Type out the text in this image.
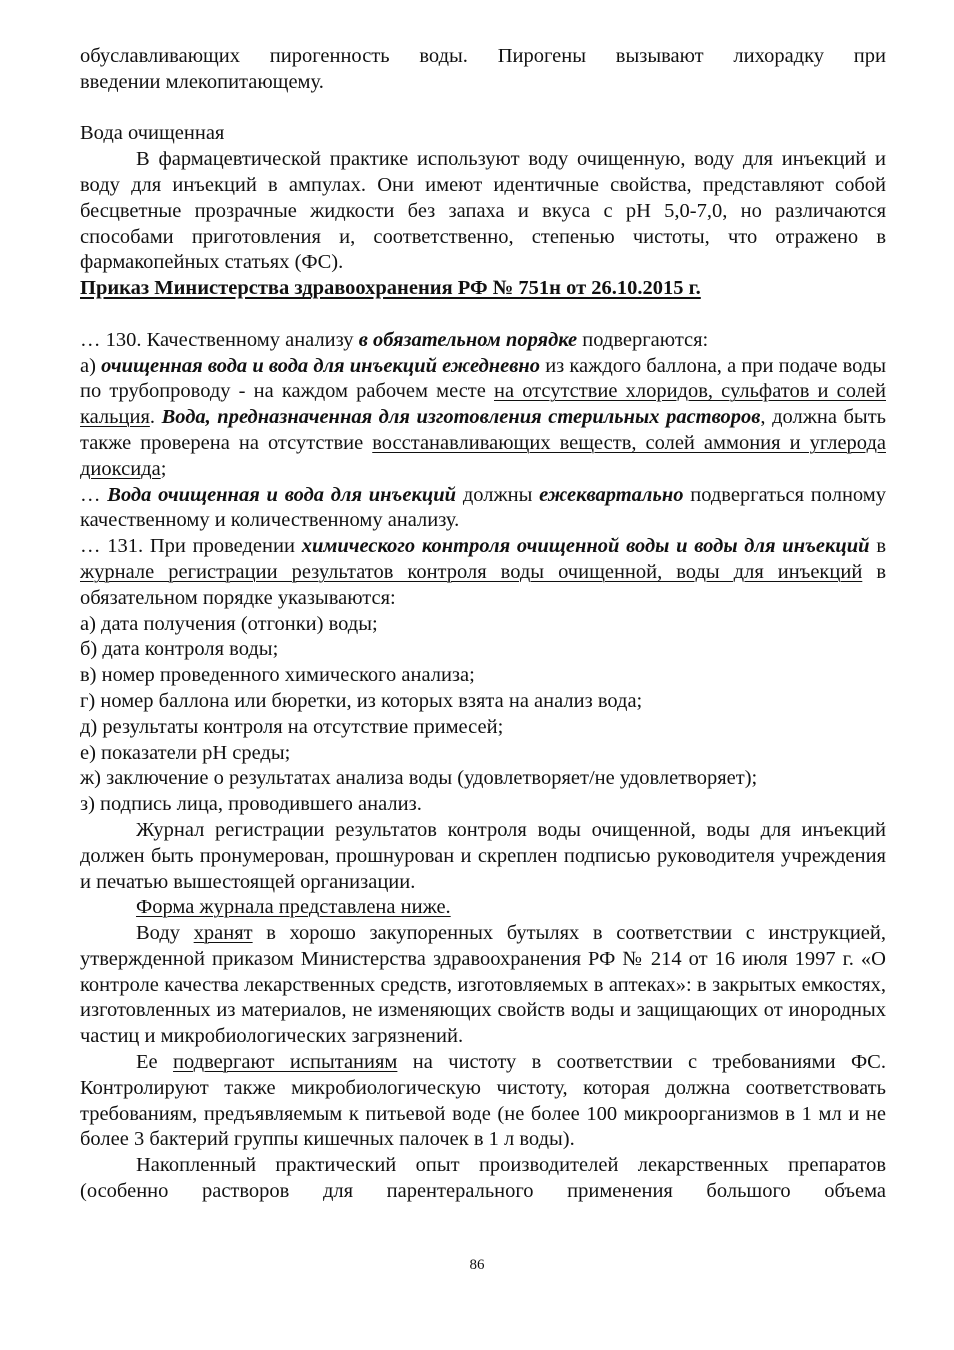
обуславливающих пирогенность воды. Пирогены вызывают лихорадку при

введении млекопитающему.

Вода очищенная

В фармацевтической практике используют воду очищенную, воду для инъекций и воду для инъекций в ампулах. Они имеют идентичные свойства, представляют собой бесцветные прозрачные жидкости без запаха и вкуса с pH 5,0-7,0, но различаются способами приготовления и, соответственно, степенью чистоты, что отражено в фармакопейных статьях (ФС).

Приказ Министерства здравоохранения РФ № 751н от 26.10.2015 г.

… 130. Качественному анализу в обязательном порядке подвергаются:

а) очищенная вода и вода для инъекций ежедневно из каждого баллона, а при подаче воды по трубопроводу - на каждом рабочем месте на отсутствие хлоридов, сульфатов и солей кальция. Вода, предназначенная для изготовления стерильных растворов, должна быть также проверена на отсутствие восстанавливающих веществ, солей аммония и углерода диоксида;

… Вода очищенная и вода для инъекций должны ежеквартально подвергаться полному качественному и количественному анализу.

… 131. При проведении химического контроля очищенной воды и воды для инъекций в журнале регистрации результатов контроля воды очищенной, воды для инъекций в обязательном порядке указываются:

а) дата получения (отгонки) воды;

б) дата контроля воды;

в) номер проведенного химического анализа;

г) номер баллона или бюретки, из которых взята на анализ вода;

д) результаты контроля на отсутствие примесей;

е) показатели pH среды;

ж) заключение о результатах анализа воды (удовлетворяет/не удовлетворяет);

з) подпись лица, проводившего анализ.

Журнал регистрации результатов контроля воды очищенной, воды для инъекций должен быть пронумерован, прошнурован и скреплен подписью руководителя учреждения и печатью вышестоящей организации.

Форма журнала представлена ниже.

Воду хранят в хорошо закупоренных бутылях в соответствии с инструкцией, утвержденной приказом Министерства здравоохранения РФ № 214 от 16 июля 1997 г. «О контроле качества лекарственных средств, изготовляемых в аптеках»: в закрытых емкостях, изготовленных из материалов, не изменяющих свойств воды и защищающих от инородных частиц и микробиологических загрязнений.

Ее подвергают испытаниям на чистоту в соответствии с требованиями ФС. Контролируют также микробиологическую чистоту, которая должна соответствовать требованиям, предъявляемым к питьевой воде (не более 100 микроорганизмов в 1 мл и не более 3 бактерий группы кишечных палочек в 1 л воды).

Накопленный практический опыт производителей лекарственных препаратов

(особенно растворов для парентерального применения большого объема

86
